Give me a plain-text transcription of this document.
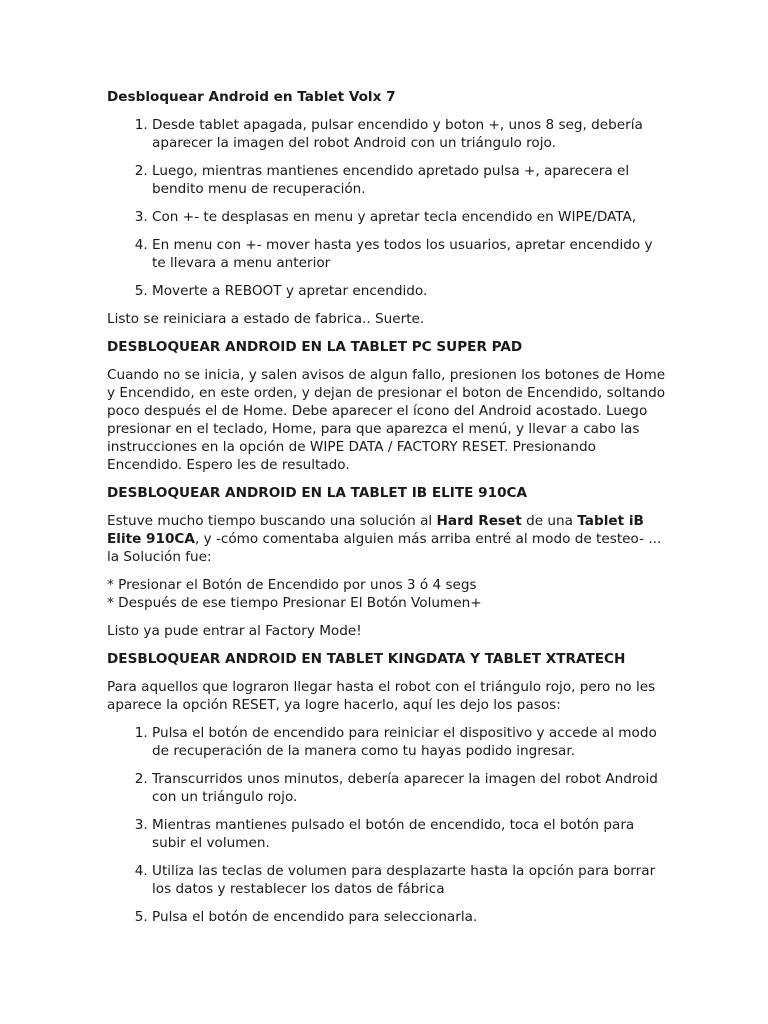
Desbloquear Android en Tablet Volx 7
1. Desde tablet apagada, pulsar encendido y boton +, unos 8 seg, debería aparecer la imagen del robot Android con un triángulo rojo.
2. Luego, mientras mantienes encendido apretado pulsa +, aparecera el bendito menu de recuperación.
3. Con +- te desplasas en menu y apretar tecla encendido en WIPE/DATA,
4. En menu con +- mover hasta yes todos los usuarios, apretar encendido y te llevara a menu anterior
5. Moverte a REBOOT y apretar encendido.

Listo se reiniciara a estado de fabrica.. Suerte.

DESBLOQUEAR ANDROID EN LA TABLET PC SUPER PAD

Cuando no se inicia, y salen avisos de algun fallo, presionen los botones de Home y Encendido, en este orden, y dejan de presionar el boton de Encendido, soltando poco después el de Home. Debe aparecer el ícono del Android acostado. Luego presionar en el teclado, Home, para que aparezca el menú, y llevar a cabo las instrucciones en la opción de WIPE DATA / FACTORY RESET. Presionando Encendido. Espero les de resultado.

DESBLOQUEAR ANDROID EN LA TABLET IB ELITE 910CA

Estuve mucho tiempo buscando una solución al Hard Reset de una Tablet iB Elite 910CA, y -cómo comentaba alguien más arriba entré al modo de testeo- ... la Solución fue:

* Presionar el Botón de Encendido por unos 3 ó 4 segs
* Después de ese tiempo Presionar El Botón Volumen+

Listo ya pude entrar al Factory Mode!

DESBLOQUEAR ANDROID EN TABLET KINGDATA Y TABLET XTRATECH

Para aquellos que lograron llegar hasta el robot con el triángulo rojo, pero no les aparece la opción RESET, ya logre hacerlo, aquí les dejo los pasos:

1. Pulsa el botón de encendido para reiniciar el dispositivo y accede al modo de recuperación de la manera como tu hayas podido ingresar.
2. Transcurridos unos minutos, debería aparecer la imagen del robot Android con un triángulo rojo.
3. Mientras mantienes pulsado el botón de encendido, toca el botón para subir el volumen.
4. Utiliza las teclas de volumen para desplazarte hasta la opción para borrar los datos y restablecer los datos de fábrica
5. Pulsa el botón de encendido para seleccionarla.
